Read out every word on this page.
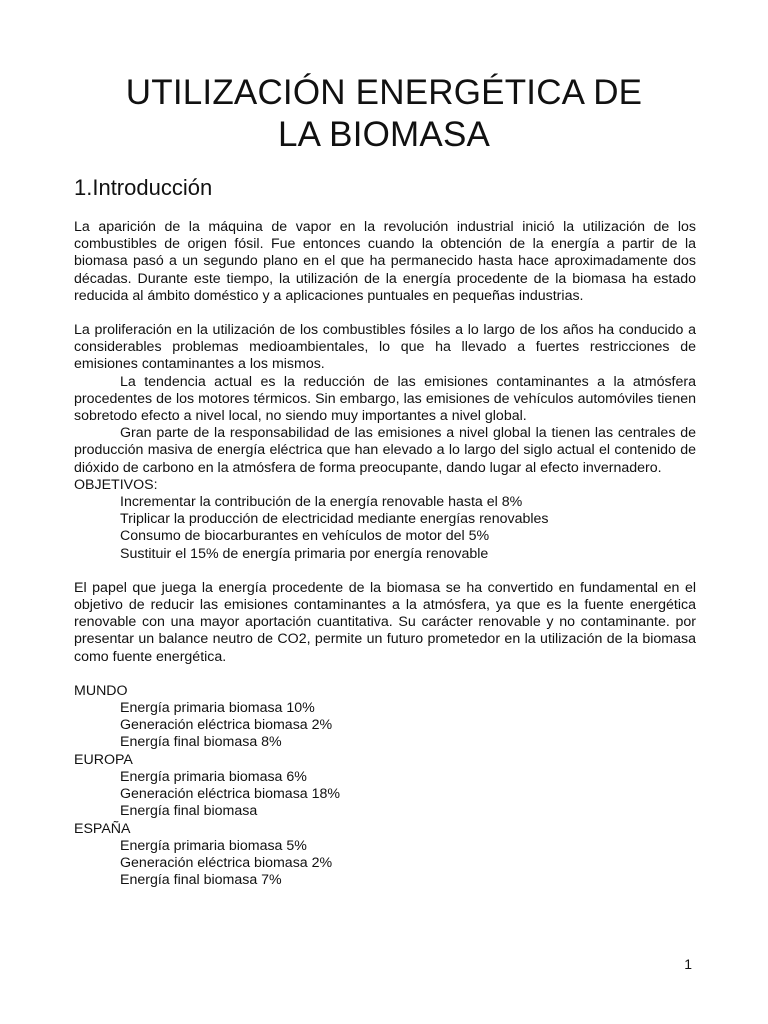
UTILIZACIÓN ENERGÉTICA DE
LA BIOMASA
1.Introducción

La aparición de la máquina de vapor en la revolución industrial inició la utilización de los combustibles de origen fósil. Fue entonces cuando la obtención de la energía a partir de la biomasa pasó a un segundo plano en el que ha permanecido hasta hace aproximadamente dos décadas. Durante este tiempo, la utilización de la energía procedente de la biomasa ha estado reducida al ámbito doméstico y a aplicaciones puntuales en pequeñas industrias.

La proliferación en la utilización de los combustibles fósiles a lo largo de los años ha conducido a considerables problemas medioambientales, lo que ha llevado a fuertes restricciones de emisiones contaminantes a los mismos.

La tendencia actual es la reducción de las emisiones contaminantes a la atmósfera procedentes de los motores térmicos. Sin embargo, las emisiones de vehículos automóviles tienen sobretodo efecto a nivel local, no siendo muy importantes a nivel global.

Gran parte de la responsabilidad de las emisiones a nivel global la tienen las centrales de producción masiva de energía eléctrica que han elevado a lo largo del siglo actual el contenido de dióxido de carbono en la atmósfera de forma preocupante, dando lugar al efecto invernadero.

OBJETIVOS:

Incrementar la contribución de la energía renovable hasta el 8%

Triplicar la producción de electricidad mediante energías renovables

Consumo de biocarburantes en vehículos de motor del 5%

Sustituir el 15% de energía primaria por energía renovable

El papel que juega la energía procedente de la biomasa se ha convertido en fundamental en el objetivo de reducir las emisiones contaminantes a la atmósfera, ya que es la fuente energética renovable con una mayor aportación cuantitativa. Su carácter renovable y no contaminante. por presentar un balance neutro de CO2, permite un futuro prometedor en la utilización de la biomasa como fuente energética.

MUNDO

Energía primaria biomasa 10%

Generación eléctrica biomasa 2%

Energía final biomasa 8%

EUROPA

Energía primaria biomasa 6%

Generación eléctrica biomasa 18%

Energía final biomasa

ESPAÑA

Energía primaria biomasa 5%

Generación eléctrica biomasa 2%

Energía final biomasa 7%

1
